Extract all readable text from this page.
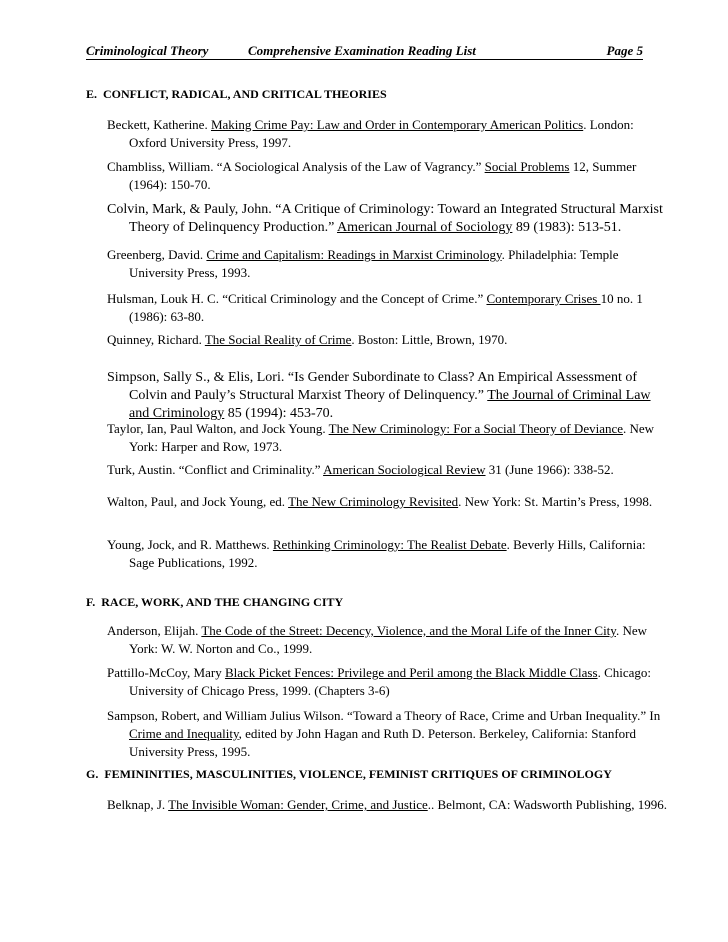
Criminological Theory	Comprehensive Examination Reading List	Page 5
E. CONFLICT, RADICAL, AND CRITICAL THEORIES
Beckett, Katherine. Making Crime Pay: Law and Order in Contemporary American Politics. London: Oxford University Press, 1997.
Chambliss, William. “A Sociological Analysis of the Law of Vagrancy.” Social Problems 12, Summer (1964): 150-70.
Colvin, Mark, & Pauly, John. “A Critique of Criminology: Toward an Integrated Structural Marxist Theory of Delinquency Production.” American Journal of Sociology 89 (1983): 513-51.
Greenberg, David. Crime and Capitalism: Readings in Marxist Criminology. Philadelphia: Temple University Press, 1993.
Hulsman, Louk H. C. “Critical Criminology and the Concept of Crime.” Contemporary Crises 10 no. 1 (1986): 63-80.
Quinney, Richard. The Social Reality of Crime. Boston: Little, Brown, 1970.
Simpson, Sally S., & Elis, Lori. “Is Gender Subordinate to Class? An Empirical Assessment of Colvin and Pauly’s Structural Marxist Theory of Delinquency.” The Journal of Criminal Law and Criminology 85 (1994): 453-70.
Taylor, Ian, Paul Walton, and Jock Young. The New Criminology: For a Social Theory of Deviance. New York: Harper and Row, 1973.
Turk, Austin. “Conflict and Criminality.” American Sociological Review 31 (June 1966): 338-52.
Walton, Paul, and Jock Young, ed. The New Criminology Revisited. New York: St. Martin’s Press, 1998.
Young, Jock, and R. Matthews. Rethinking Criminology: The Realist Debate. Beverly Hills, California: Sage Publications, 1992.
F. RACE, WORK, AND THE CHANGING CITY
Anderson, Elijah. The Code of the Street: Decency, Violence, and the Moral Life of the Inner City. New York: W. W. Norton and Co., 1999.
Pattillo-McCoy, Mary Black Picket Fences: Privilege and Peril among the Black Middle Class. Chicago: University of Chicago Press, 1999. (Chapters 3-6)
Sampson, Robert, and William Julius Wilson. “Toward a Theory of Race, Crime and Urban Inequality.” In Crime and Inequality, edited by John Hagan and Ruth D. Peterson. Berkeley, California: Stanford University Press, 1995.
G. FEMININITIES, MASCULINITIES, VIOLENCE, FEMINIST CRITIQUES OF CRIMINOLOGY
Belknap, J. The Invisible Woman: Gender, Crime, and Justice.. Belmont, CA: Wadsworth Publishing, 1996.
